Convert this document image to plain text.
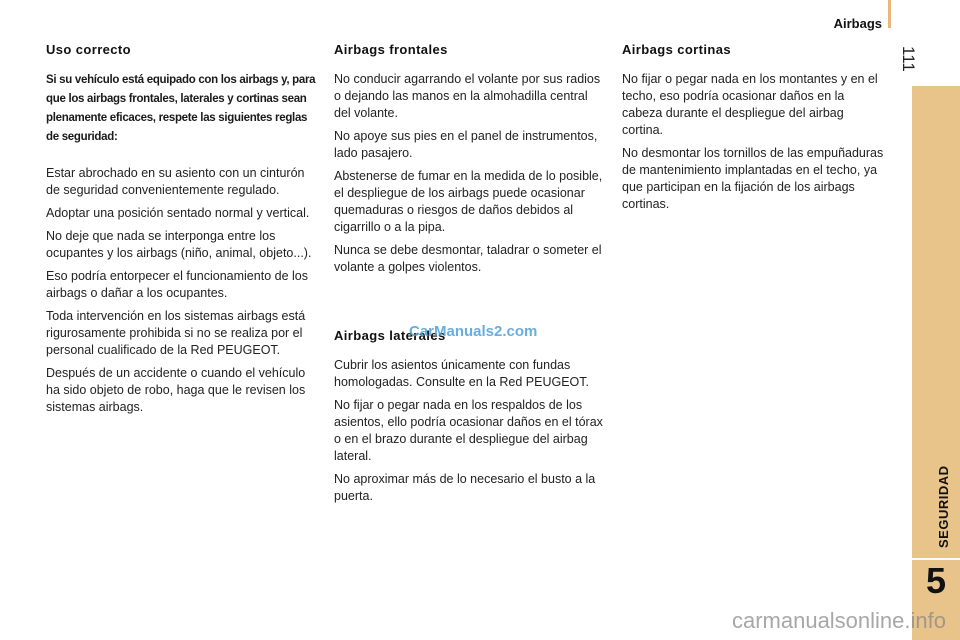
Airbags
111
SEGURIDAD
5
Uso correcto

Si su vehículo está equipado con los airbags y, para que los airbags frontales, laterales y cortinas sean plenamente eficaces, respete las siguientes reglas de seguridad:

Estar abrochado en su asiento con un cinturón de seguridad convenientemente regulado.

Adoptar una posición sentado normal y vertical.

No deje que nada se interponga entre los ocupantes y los airbags (niño, animal, objeto...).

Eso podría entorpecer el funcionamiento de los airbags o dañar a los ocupantes.

Toda intervención en los sistemas airbags está rigurosamente prohibida si no se realiza por el personal cualificado de la Red PEUGEOT.

Después de un accidente o cuando el vehículo ha sido objeto de robo, haga que le revisen los sistemas airbags.

Airbags frontales

No conducir agarrando el volante por sus radios o dejando las manos en la almohadilla central del volante.

No apoye sus pies en el panel de instrumentos, lado pasajero.

Abstenerse de fumar en la medida de lo posible, el despliegue de los airbags puede ocasionar quemaduras o riesgos de daños debidos al cigarrillo o a la pipa.

Nunca se debe desmontar, taladrar o someter el volante a golpes violentos.

Airbags laterales

Cubrir los asientos únicamente con fundas homologadas. Consulte en la Red PEUGEOT.

No fijar o pegar nada en los respaldos de los asientos, ello podría ocasionar daños en el tórax o en el brazo durante el despliegue del airbag lateral.

No aproximar más de lo necesario el busto a la puerta.

Airbags cortinas

No fijar o pegar nada en los montantes y en el techo, eso podría ocasionar daños en la cabeza durante el despliegue del airbag cortina.

No desmontar los tornillos de las empuñaduras de mantenimiento implantadas en el techo, ya que participan en la fijación de los airbags cortinas.

CarManuals2.com
carmanualsonline.info
